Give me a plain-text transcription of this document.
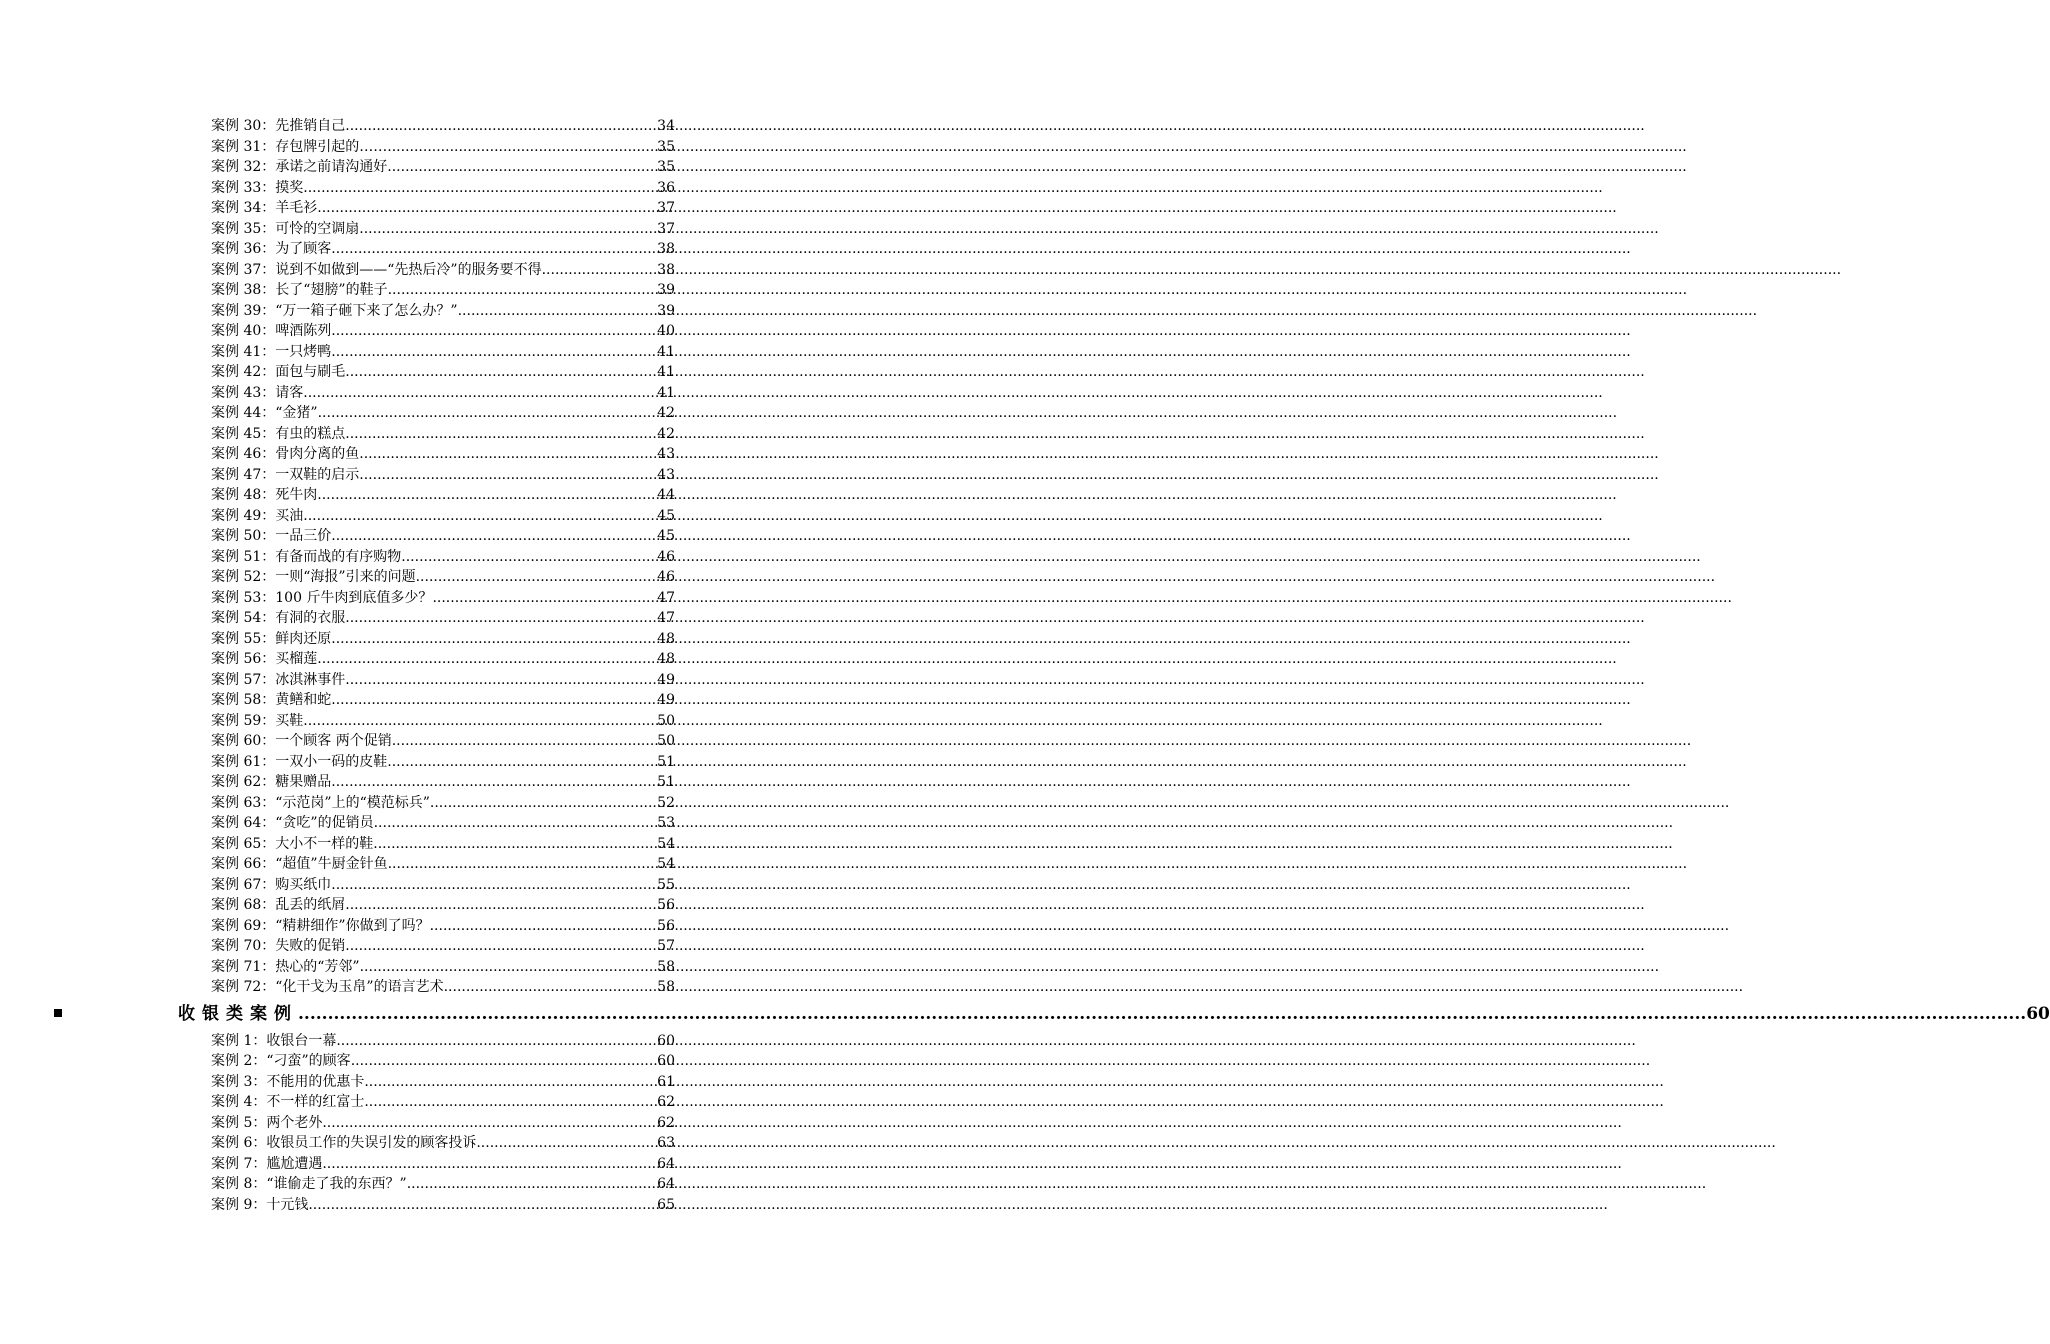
案例 30： 先推销自己 .....	34
案例 31： 存包牌引起的…… .....	35
案例 32： 承诺之前请沟通好 .....	35
案例 33： 摸奖 .....	36
案例 34： 羊毛衫 .....	37
案例 35： 可怜的空调扇 .....	37
案例 36： 为了顾客 .....	38
案例 37： 说到不如做到——“先热后冷”的服务要不得 .....	38
案例 38： 长了“翅膀”的鞋子 .....	39
案例 39： “万一箱子砸下来了怎么办？” .....	39
案例 40： 啤酒陈列 .....	40
案例 41： 一只烤鸭 .....	41
案例 42： 面包与刷毛 .....	41
案例 43： 请客 .....	41
案例 44： “金猪” .....	42
案例 45： 有虫的糕点 .....	42
案例 46： 骨肉分离的鱼 .....	43
案例 47： 一双鞋的启示 .....	43
案例 48： 死牛肉 .....	44
案例 49： 买油 .....	45
案例 50： 一品三价 .....	45
案例 51： 有备而战的有序购物 .....	46
案例 52： 一则“海报”引来的问题 .....	46
案例 53： 100 斤牛肉到底值多少？ .....	47
案例 54： 有洞的衣服 .....	47
案例 55： 鲜肉还原 .....	48
案例 56： 买榴莲 .....	48
案例 57： 冰淇淋事件 .....	49
案例 58： 黄鳝和蛇 .....	49
案例 59： 买鞋 .....	50
案例 60： 一个顾客 两个促销 .....	50
案例 61： 一双小一码的皮鞋 .....	51
案例 62： 糖果赠品 .....	51
案例 63： “示范岗”上的“模范标兵” .....	52
案例 64： “贪吃”的促销员 .....	53
案例 65： 大小不一样的鞋 .....	54
案例 66： “超值”牛厨金针鱼 .....	54
案例 67： 购买纸巾 .....	55
案例 68： 乱丢的纸屑 .....	56
案例 69： “精耕细作”你做到了吗？ .....	56
案例 70： 失败的促销 .....	57
案例 71： 热心的“芳邻” .....	58
案例 72： “化干戈为玉帛”的语言艺术 .....	58
收银类案例 .....	60
案例 1： 收银台一幕 .....	60
案例 2： “刁蛮”的顾客 .....	60
案例 3： 不能用的优惠卡 .....	61
案例 4： 不一样的红富士 .....	62
案例 5： 两个老外 .....	62
案例 6： 收银员工作的失误引发的顾客投诉 .....	63
案例 7： 尴尬遭遇 .....	64
案例 8： “谁偷走了我的东西？” .....	64
案例 9： 十元钱 .....	65
